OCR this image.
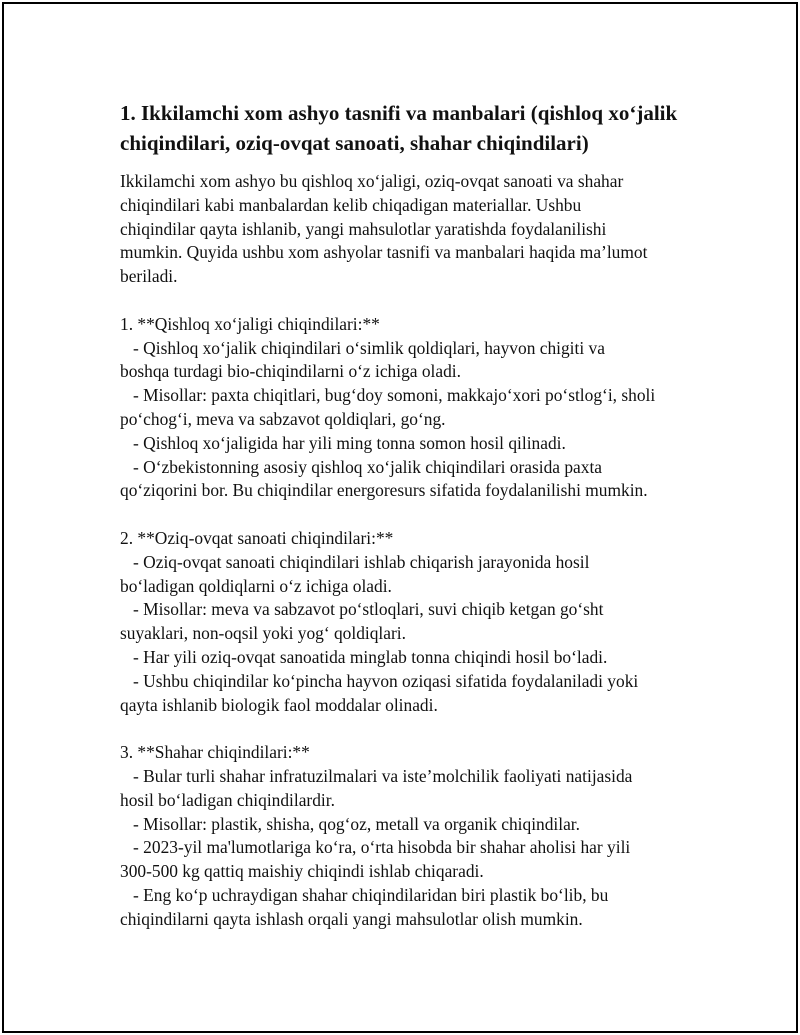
1. Ikkilamchi xom ashyo tasnifi va manbalari (qishloq xo‘jalik chiqindilari, oziq-ovqat sanoati, shahar chiqindilari)
Ikkilamchi xom ashyo bu qishloq xo‘jaligi, oziq-ovqat sanoati va shahar
chiqindilari kabi manbalardan kelib chiqadigan materiallar. Ushbu
chiqindilar qayta ishlanib, yangi mahsulotlar yaratishda foydalanilishi
mumkin. Quyida ushbu xom ashyolar tasnifi va manbalari haqida ma’lumot
beriladi.

1. **Qishloq xo‘jaligi chiqindilari:**
- Qishloq xo‘jalik chiqindilari o‘simlik qoldiqlari, hayvon chigiti va
boshqa turdagi bio-chiqindilarni o‘z ichiga oladi.
- Misollar: paxta chiqitlari, bug‘doy somoni, makkajo‘xori po‘stlog‘i, sholi
po‘chog‘i, meva va sabzavot qoldiqlari, go‘ng.
- Qishloq xo‘jaligida har yili ming tonna somon hosil qilinadi.
- O‘zbekistonning asosiy qishloq xo‘jalik chiqindilari orasida paxta
qo‘ziqorini bor. Bu chiqindilar energoresurs sifatida foydalanilishi mumkin.

2. **Oziq-ovqat sanoati chiqindilari:**
- Oziq-ovqat sanoati chiqindilari ishlab chiqarish jarayonida hosil
bo‘ladigan qoldiqlarni o‘z ichiga oladi.
- Misollar: meva va sabzavot po‘stloqlari, suvi chiqib ketgan go‘sht
suyaklari, non-oqsil yoki yog‘ qoldiqlari.
- Har yili oziq-ovqat sanoatida minglab tonna chiqindi hosil bo‘ladi.
- Ushbu chiqindilar ko‘pincha hayvon oziqasi sifatida foydalaniladi yoki
qayta ishlanib biologik faol moddalar olinadi.

3. **Shahar chiqindilari:**
- Bular turli shahar infratuzilmalari va iste’molchilik faoliyati natijasida
hosil bo‘ladigan chiqindilardir.
- Misollar: plastik, shisha, qog‘oz, metall va organik chiqindilar.
- 2023-yil ma'lumotlariga ko‘ra, o‘rta hisobda bir shahar aholisi har yili
300-500 kg qattiq maishiy chiqindi ishlab chiqaradi.
- Eng ko‘p uchraydigan shahar chiqindilaridan biri plastik bo‘lib, bu
chiqindilarni qayta ishlash orqali yangi mahsulotlar olish mumkin.
